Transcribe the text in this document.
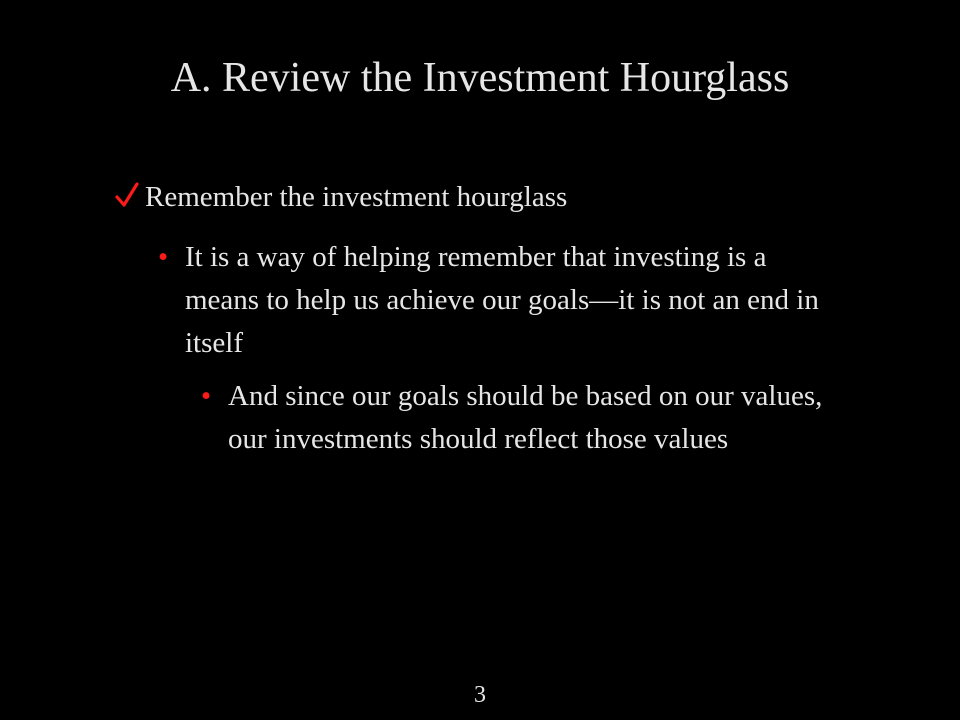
A. Review the Investment Hourglass
Remember the investment hourglass
• It is a way of helping remember that investing is a means to help us achieve our goals—it is not an end in itself
• And since our goals should be based on our values, our investments should reflect those values
3
